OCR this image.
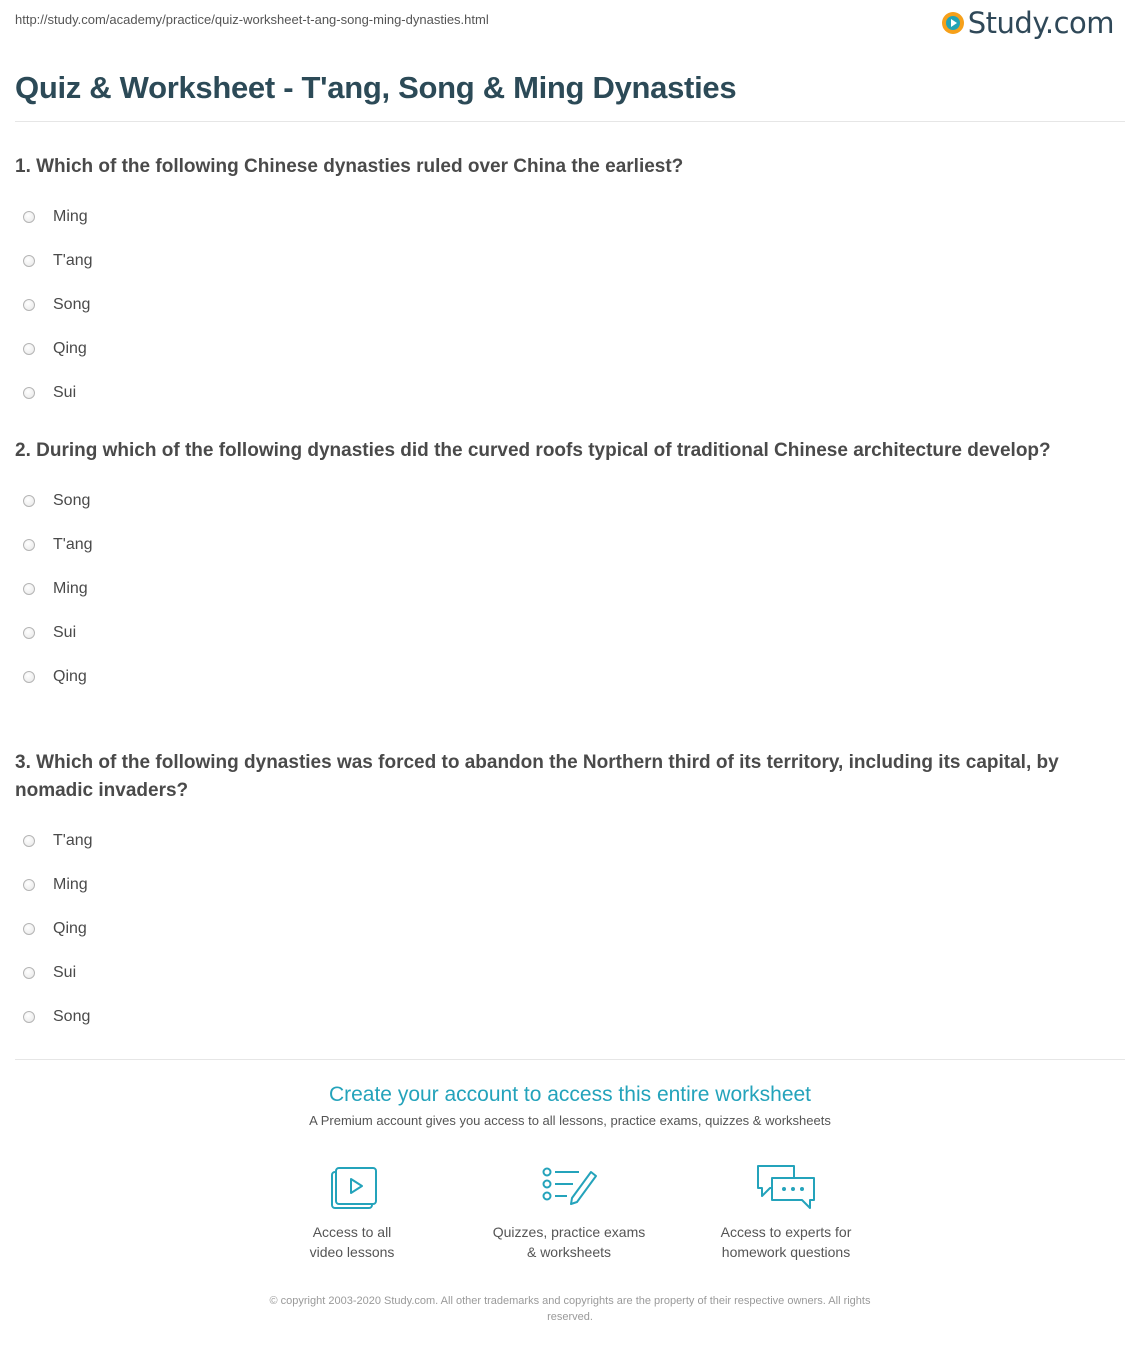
http://study.com/academy/practice/quiz-worksheet-t-ang-song-ming-dynasties.html	Study.com
Quiz & Worksheet - T'ang, Song & Ming Dynasties
1. Which of the following Chinese dynasties ruled over China the earliest?
Ming
T'ang
Song
Qing
Sui
2. During which of the following dynasties did the curved roofs typical of traditional Chinese architecture develop?
Song
T'ang
Ming
Sui
Qing
3. Which of the following dynasties was forced to abandon the Northern third of its territory, including its capital, by nomadic invaders?
T'ang
Ming
Qing
Sui
Song
Create your account to access this entire worksheet
A Premium account gives you access to all lessons, practice exams, quizzes & worksheets
Access to all
video lessons
Quizzes, practice exams
& worksheets
Access to experts for
homework questions
© copyright 2003-2020 Study.com. All other trademarks and copyrights are the property of their respective owners. All rights
reserved.
